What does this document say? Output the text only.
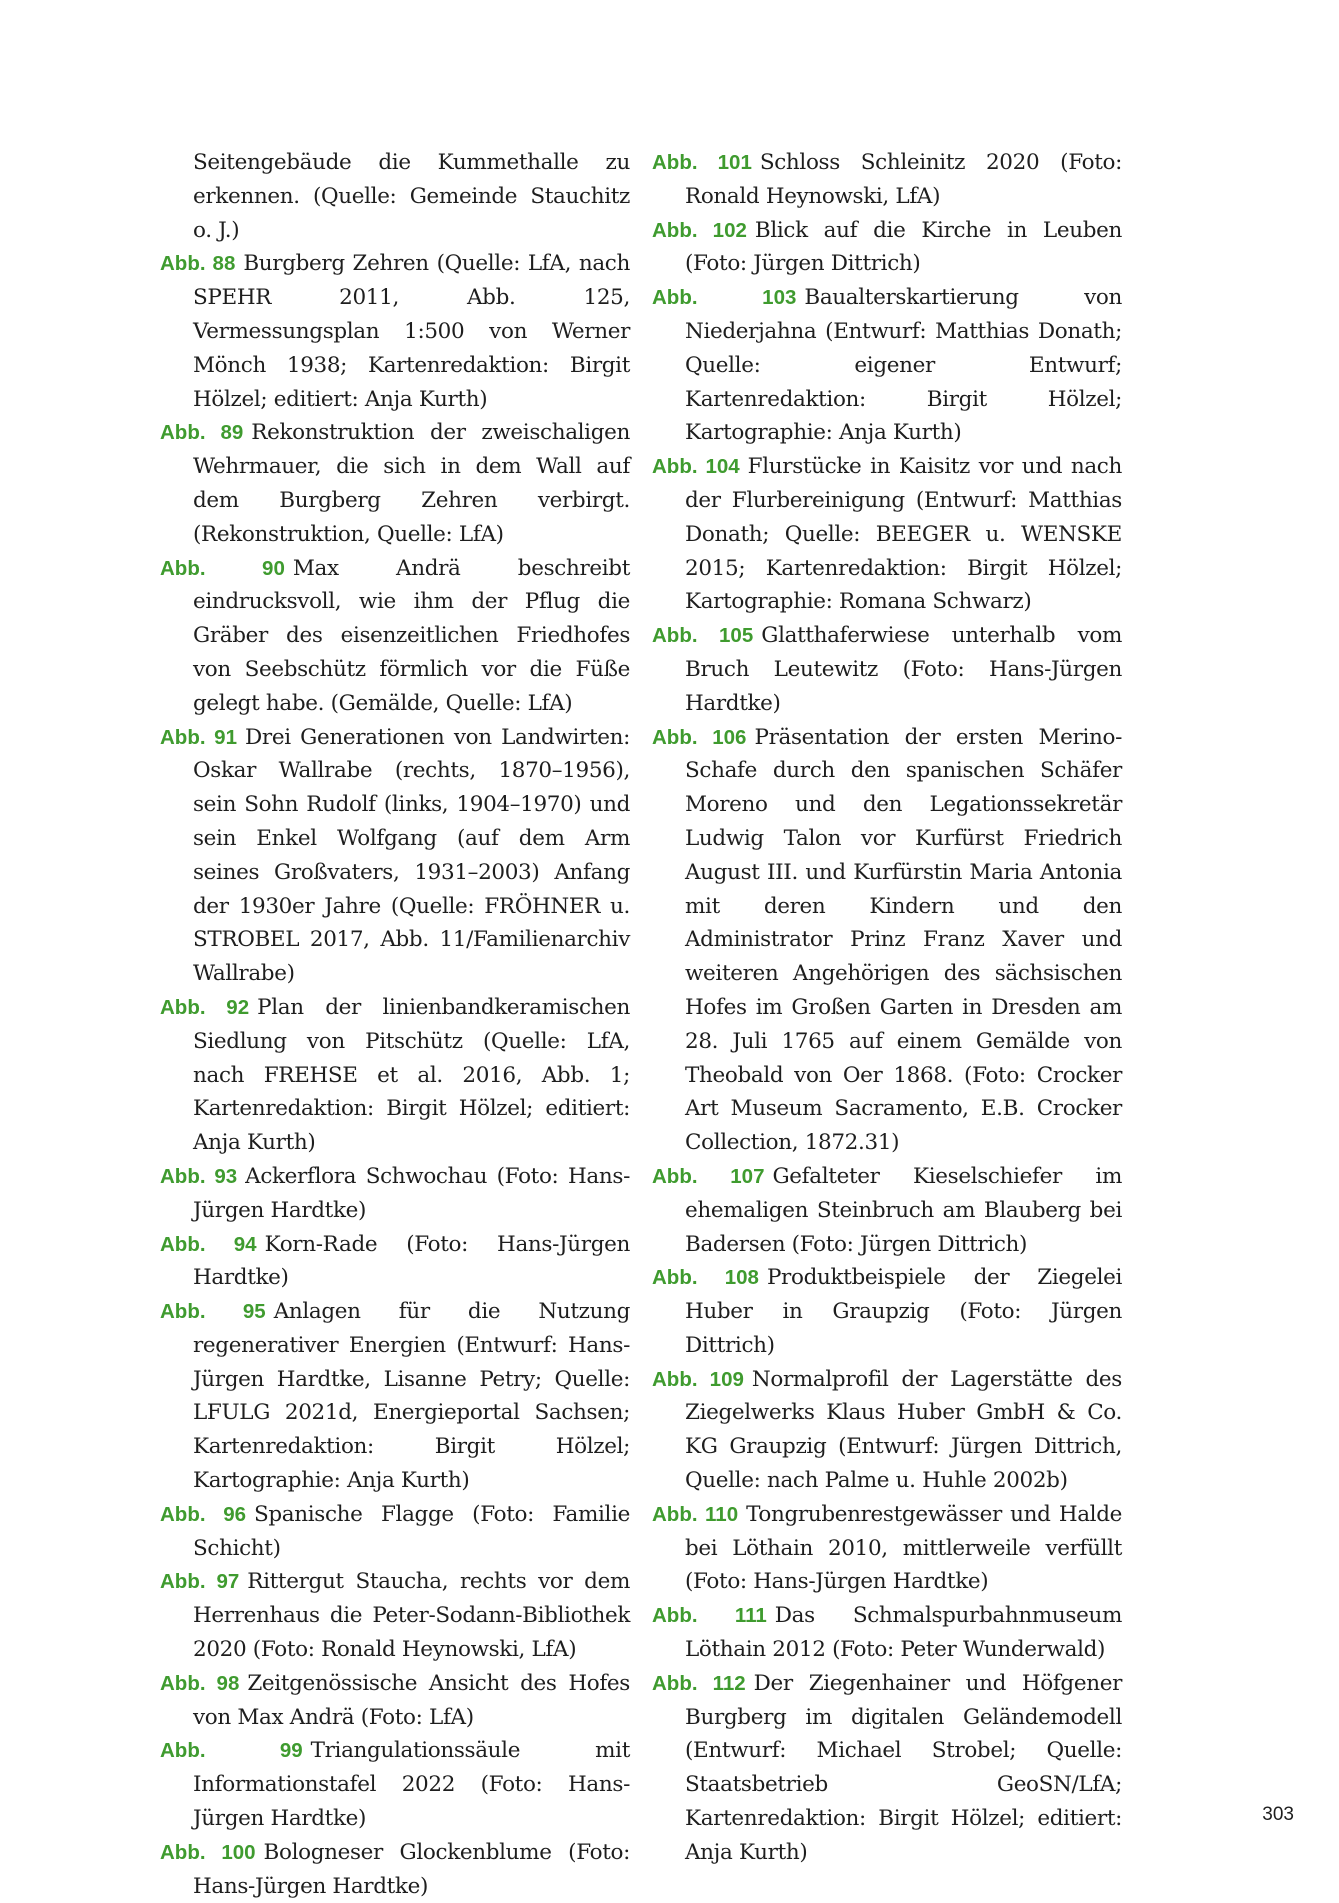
Seitengebäude die Kummethalle zu erkennen. (Quelle: Gemeinde Stauchitz o. J.)

Abb. 88 Burgberg Zehren (Quelle: LfA, nach SPEHR 2011, Abb. 125, Vermessungsplan 1:500 von Werner Mönch 1938; Kartenredaktion: Birgit Hölzel; editiert: Anja Kurth)

Abb. 89 Rekonstruktion der zweischaligen Wehrmauer, die sich in dem Wall auf dem Burgberg Zehren verbirgt. (Rekonstruktion, Quelle: LfA)

Abb. 90 Max Andrä beschreibt eindrucksvoll, wie ihm der Pflug die Gräber des eisenzeitlichen Friedhofes von Seebschütz förmlich vor die Füße gelegt habe. (Gemälde, Quelle: LfA)

Abb. 91 Drei Generationen von Landwirten: Oskar Wallrabe (rechts, 1870–1956), sein Sohn Rudolf (links, 1904–1970) und sein Enkel Wolfgang (auf dem Arm seines Großvaters, 1931–2003) Anfang der 1930er Jahre (Quelle: FRÖHNER u. STROBEL 2017, Abb. 11/Familienarchiv Wallrabe)

Abb. 92 Plan der linienbandkeramischen Siedlung von Pitschütz (Quelle: LfA, nach FREHSE et al. 2016, Abb. 1; Kartenredaktion: Birgit Hölzel; editiert: Anja Kurth)

Abb. 93 Ackerflora Schwochau (Foto: Hans-Jürgen Hardtke)

Abb. 94 Korn-Rade (Foto: Hans-Jürgen Hardtke)

Abb. 95 Anlagen für die Nutzung regenerativer Energien (Entwurf: Hans-Jürgen Hardtke, Lisanne Petry; Quelle: LFULG 2021d, Energieportal Sachsen; Kartenredaktion: Birgit Hölzel; Kartographie: Anja Kurth)

Abb. 96 Spanische Flagge (Foto: Familie Schicht)

Abb. 97 Rittergut Staucha, rechts vor dem Herrenhaus die Peter-Sodann-Bibliothek 2020 (Foto: Ronald Heynowski, LfA)

Abb. 98 Zeitgenössische Ansicht des Hofes von Max Andrä (Foto: LfA)

Abb. 99 Triangulationssäule mit Informationstafel 2022 (Foto: Hans-Jürgen Hardtke)

Abb. 100 Bologneser Glockenblume (Foto: Hans-Jürgen Hardtke)

Abb. 101 Schloss Schleinitz 2020 (Foto: Ronald Heynowski, LfA)

Abb. 102 Blick auf die Kirche in Leuben (Foto: Jürgen Dittrich)

Abb. 103 Baualterskartierung von Niederjahna (Entwurf: Matthias Donath; Quelle: eigener Entwurf; Kartenredaktion: Birgit Hölzel; Kartographie: Anja Kurth)

Abb. 104 Flurstücke in Kaisitz vor und nach der Flurbereinigung (Entwurf: Matthias Donath; Quelle: BEEGER u. WENSKE 2015; Kartenredaktion: Birgit Hölzel; Kartographie: Romana Schwarz)

Abb. 105 Glatthaferwiese unterhalb vom Bruch Leutewitz (Foto: Hans-Jürgen Hardtke)

Abb. 106 Präsentation der ersten Merino-Schafe durch den spanischen Schäfer Moreno und den Legationssekretär Ludwig Talon vor Kurfürst Friedrich August III. und Kurfürstin Maria Antonia mit deren Kindern und den Administrator Prinz Franz Xaver und weiteren Angehörigen des sächsischen Hofes im Großen Garten in Dresden am 28. Juli 1765 auf einem Gemälde von Theobald von Oer 1868. (Foto: Crocker Art Museum Sacramento, E.B. Crocker Collection, 1872.31)

Abb. 107 Gefalteter Kieselschiefer im ehemaligen Steinbruch am Blauberg bei Badersen (Foto: Jürgen Dittrich)

Abb. 108 Produktbeispiele der Ziegelei Huber in Graupzig (Foto: Jürgen Dittrich)

Abb. 109 Normalprofil der Lagerstätte des Ziegelwerks Klaus Huber GmbH & Co. KG Graupzig (Entwurf: Jürgen Dittrich, Quelle: nach Palme u. Huhle 2002b)

Abb. 110 Tongrubenrestgewässer und Halde bei Löthain 2010, mittlerweile verfüllt (Foto: Hans-Jürgen Hardtke)

Abb. 111 Das Schmalspurbahnmuseum Löthain 2012 (Foto: Peter Wunderwald)

Abb. 112 Der Ziegenhainer und Höfgener Burgberg im digitalen Geländemodell (Entwurf: Michael Strobel; Quelle: Staatsbetrieb GeoSN/LfA; Kartenredaktion: Birgit Hölzel; editiert: Anja Kurth)

303
